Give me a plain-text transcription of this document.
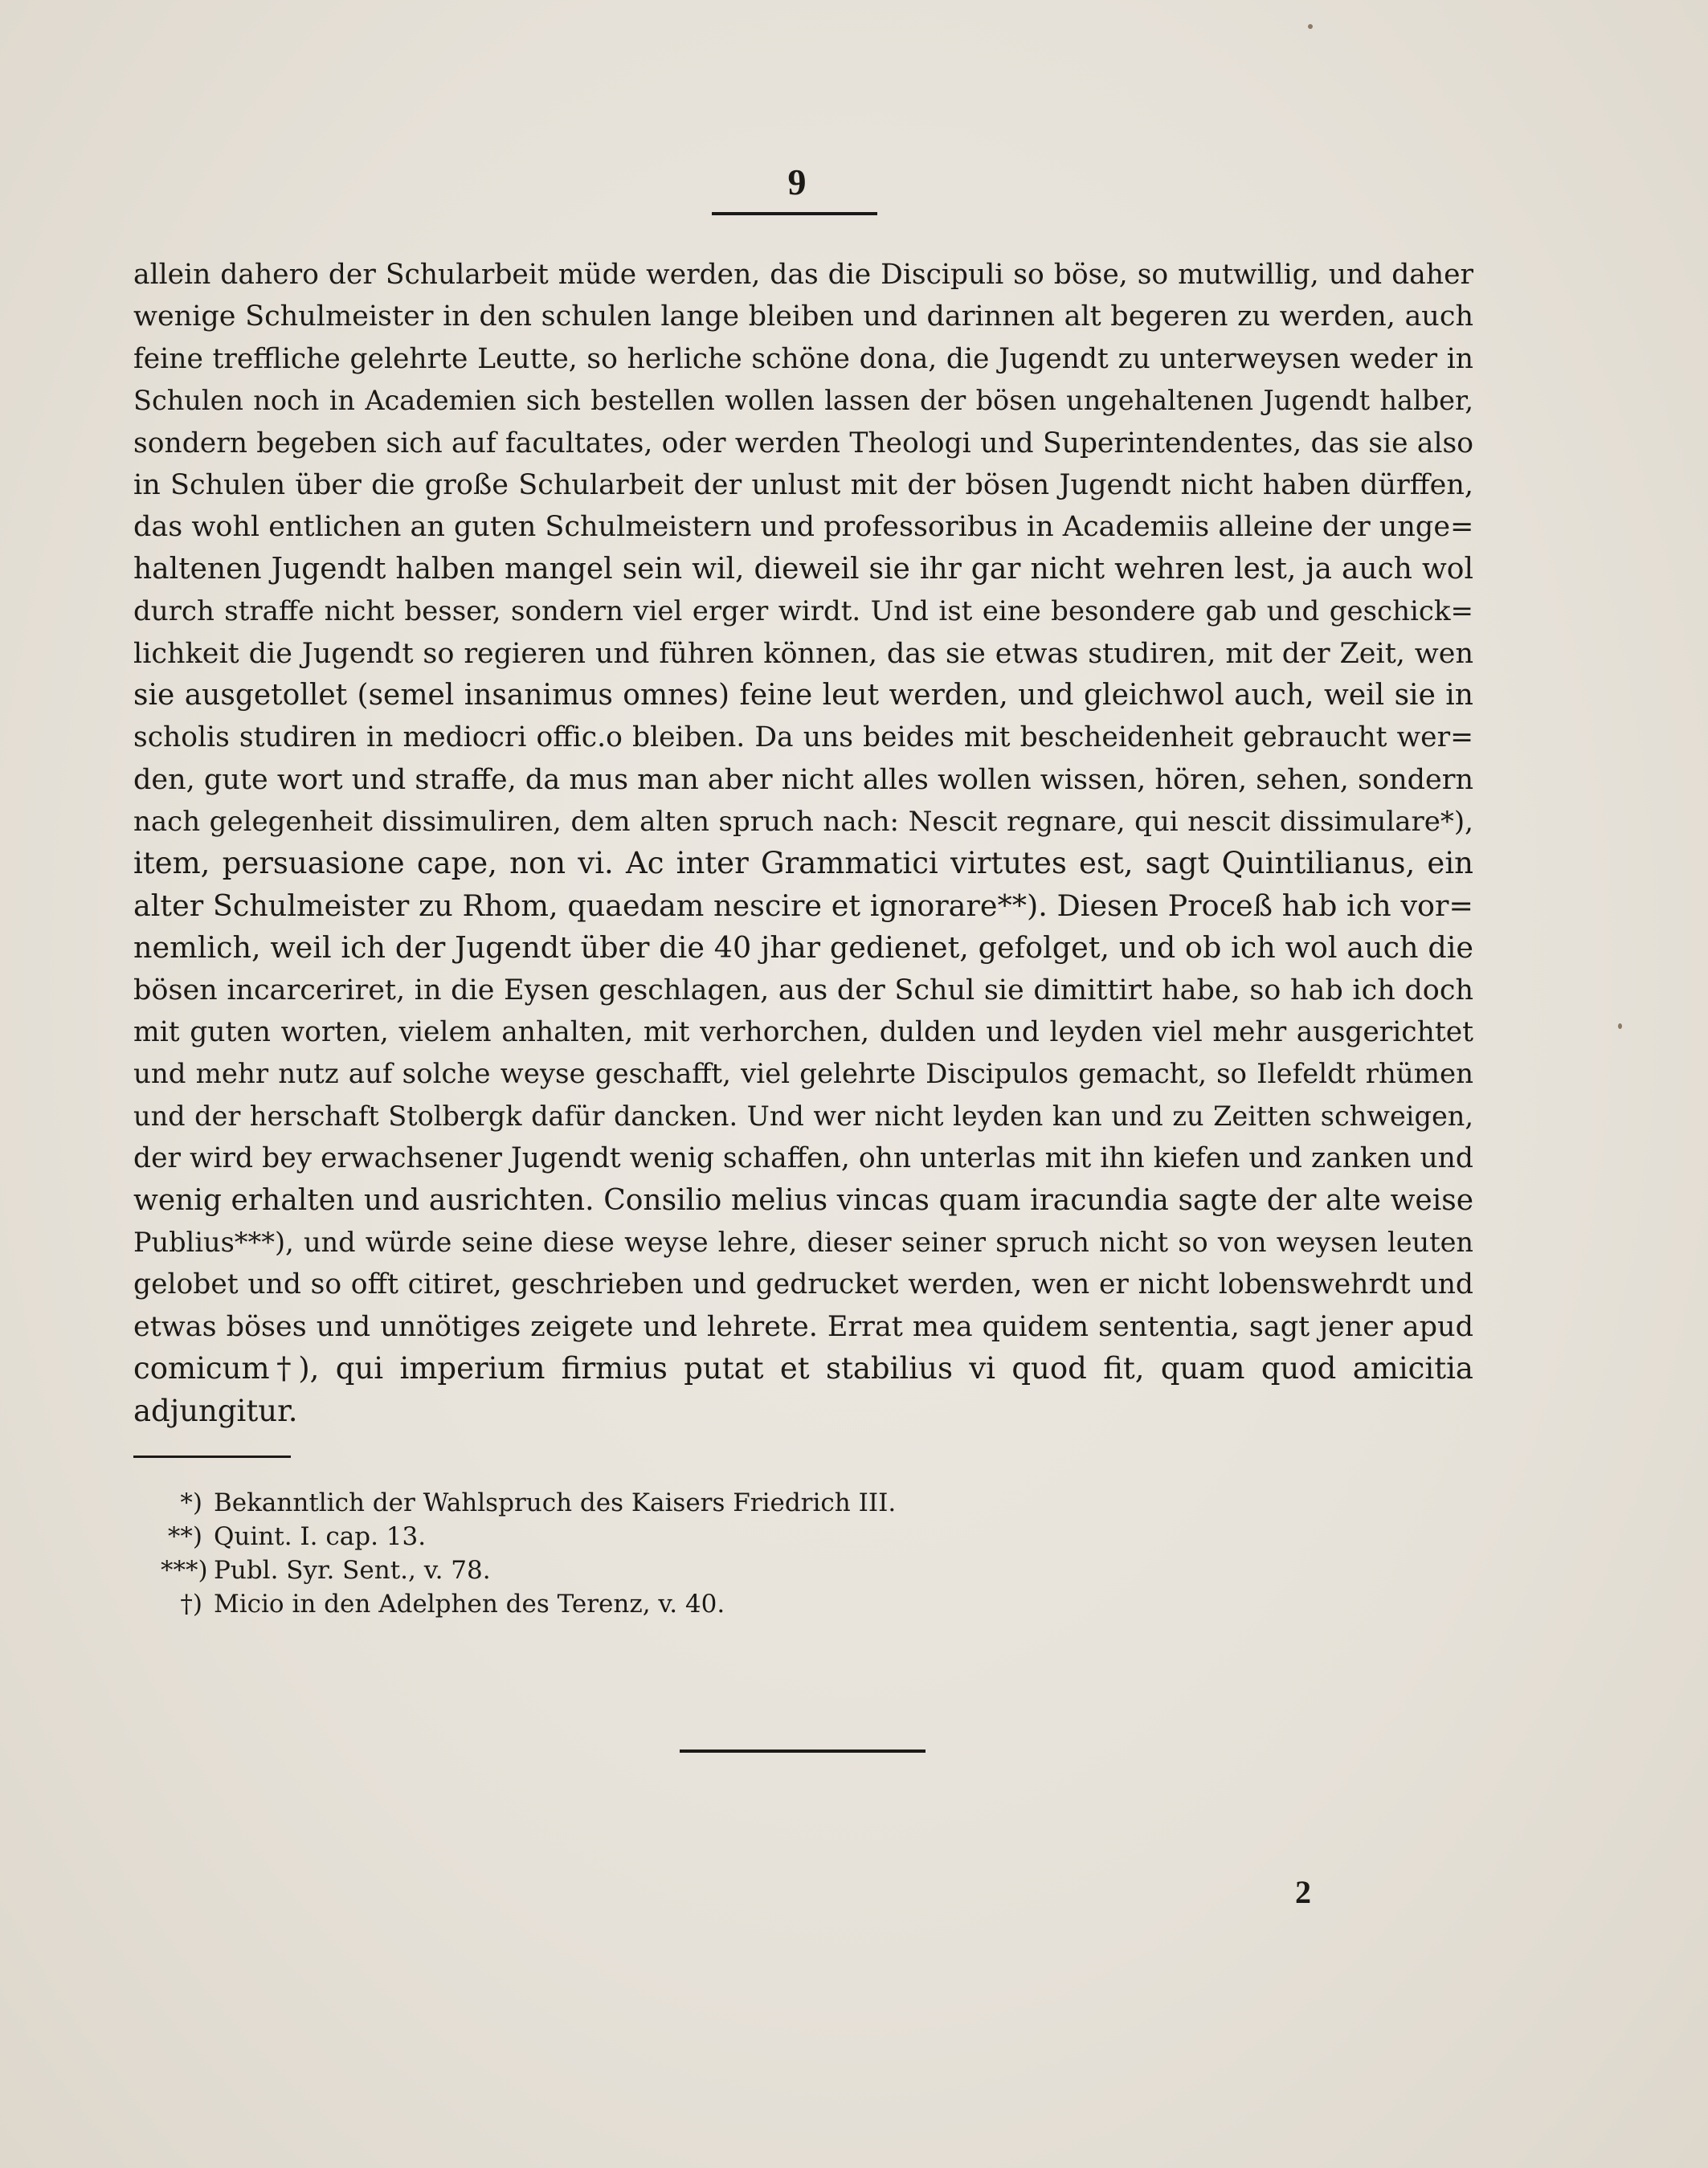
9
allein dahero der Schularbeit müde werden, das die Discipuli so böse, so mutwillig, und daher
wenige Schulmeister in den schulen lange bleiben und darinnen alt begeren zu werden, auch
feine treffliche gelehrte Leutte, so herliche schöne dona, die Jugendt zu unterweysen weder in
Schulen noch in Academien sich bestellen wollen lassen der bösen ungehaltenen Jugendt halber,
sondern begeben sich auf facultates, oder werden Theologi und Superintendentes, das sie also
in Schulen über die große Schularbeit der unlust mit der bösen Jugendt nicht haben dürffen,
das wohl entlichen an guten Schulmeistern und professoribus in Academiis alleine der unge=
haltenen Jugendt halben mangel sein wil, dieweil sie ihr gar nicht wehren lest, ja auch wol
durch straffe nicht besser, sondern viel erger wirdt. Und ist eine besondere gab und geschick=
lichkeit die Jugendt so regieren und führen können, das sie etwas studiren, mit der Zeit, wen
sie ausgetollet (semel insanimus omnes) feine leut werden, und gleichwol auch, weil sie in
scholis studiren in mediocri offic.o bleiben. Da uns beides mit bescheidenheit gebraucht wer=
den, gute wort und straffe, da mus man aber nicht alles wollen wissen, hören, sehen, sondern
nach gelegenheit dissimuliren, dem alten spruch nach: Nescit regnare, qui nescit dissimulare*),
item, persuasione cape, non vi. Ac inter Grammatici virtutes est, sagt Quintilianus, ein
alter Schulmeister zu Rhom, quaedam nescire et ignorare**). Diesen Proceß hab ich vor=
nemlich, weil ich der Jugendt über die 40 jhar gedienet, gefolget, und ob ich wol auch die
bösen incarceriret, in die Eysen geschlagen, aus der Schul sie dimittirt habe, so hab ich doch
mit guten worten, vielem anhalten, mit verhorchen, dulden und leyden viel mehr ausgerichtet
und mehr nutz auf solche weyse geschafft, viel gelehrte Discipulos gemacht, so Ilefeldt rhümen
und der herschaft Stolbergk dafür dancken. Und wer nicht leyden kan und zu Zeitten schweigen,
der wird bey erwachsener Jugendt wenig schaffen, ohn unterlas mit ihn kiefen und zanken und
wenig erhalten und ausrichten. Consilio melius vincas quam iracundia sagte der alte weise
Publius***), und würde seine diese weyse lehre, dieser seiner spruch nicht so von weysen leuten
gelobet und so offt citiret, geschrieben und gedrucket werden, wen er nicht lobenswehrdt und
etwas böses und unnötiges zeigete und lehrete. Errat mea quidem sententia, sagt jener apud
comicum†), qui imperium firmius putat et stabilius vi quod fit, quam quod amicitia
adjungitur.
*) Bekanntlich der Wahlspruch des Kaisers Friedrich III.
**) Quint. I. cap. 13.
***) Publ. Syr. Sent., v. 78.
†) Micio in den Adelphen des Terenz, v. 40.
2
